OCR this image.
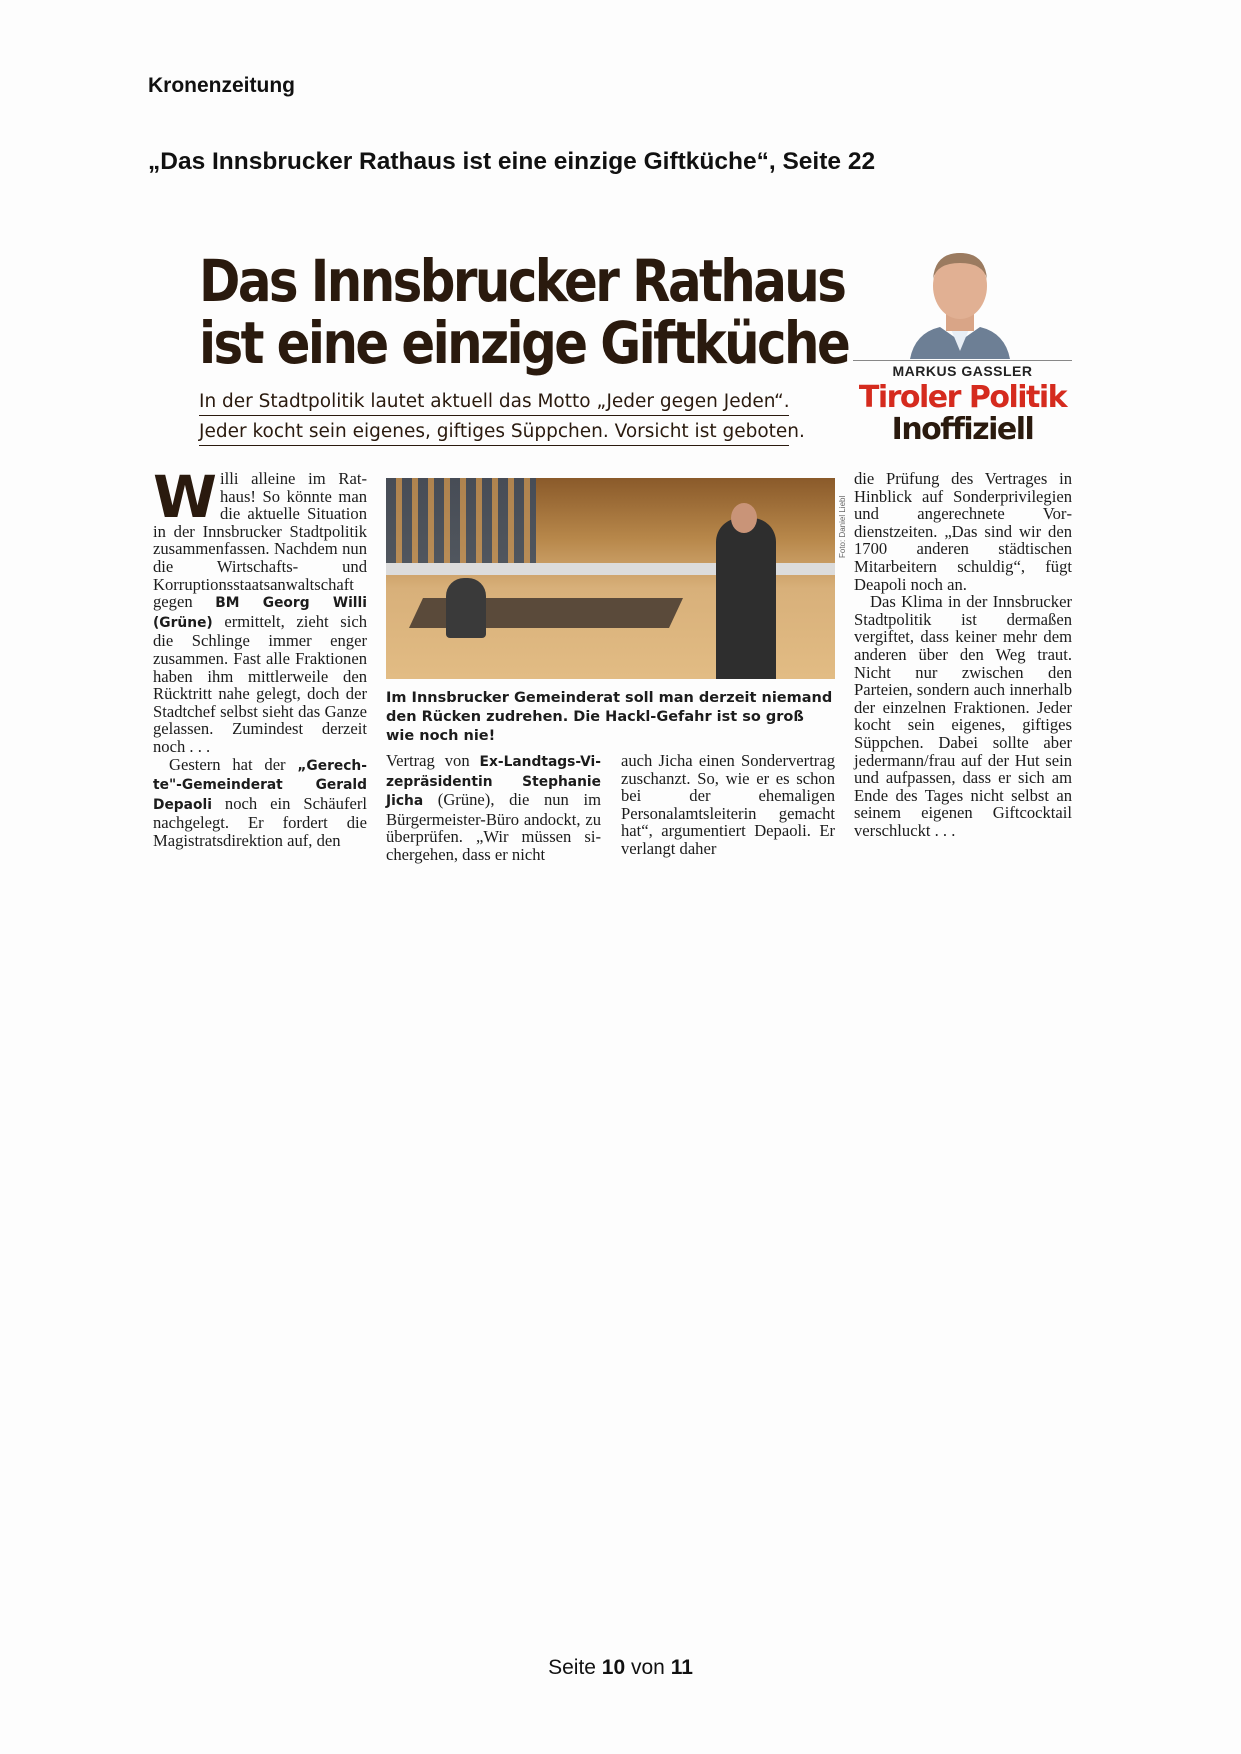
Kronenzeitung
„Das Innsbrucker Rathaus ist eine einzige Giftküche“, Seite 22
Das Innsbrucker Rathaus
ist eine einzige Giftküche
In der Stadtpolitik lautet aktuell das Motto „Jeder gegen Jeden“.
Jeder kocht sein eigenes, giftiges Süppchen. Vorsicht ist geboten.
MARKUS GASSLER
Tiroler Politik
Inoffiziell

Willi alleine im Rathaus! So könnte man die aktuelle Situation in der Innsbrucker Stadtpolitik zusammenfassen. Nachdem nun die Wirtschafts- und Korruptionsstaatsanwaltschaft gegen BM Georg Willi (Grüne) ermittelt, zieht sich die Schlinge immer enger zusammen. Fast alle Fraktionen haben ihm mittlerweile den Rücktritt nahe gelegt, doch der Stadtchef selbst sieht das Ganze gelassen. Zumindest derzeit noch . . .

Gestern hat der „Gerechte"-Gemeinderat Gerald Depaoli noch ein Schäuferl nachgelegt. Er fordert die Magistratsdirektion auf, den

Foto: Daniel Liebl
Im Innsbrucker Gemeinderat soll man derzeit niemand den Rücken zudrehen. Die Hackl-Gefahr ist so groß wie noch nie!

Vertrag von Ex-Landtags-Vizepräsidentin Stephanie Jicha (Grüne), die nun im Bürgermeister-Büro andockt, zu überprüfen. „Wir müssen sichergehen, dass er nicht

auch Jicha einen Sondervertrag zuschanzt. So, wie er es schon bei der ehemaligen Personalamtsleiterin gemacht hat“, argumentiert Depaoli. Er verlangt daher

die Prüfung des Vertrages in Hinblick auf Sonderprivilegien und angerechnete Vordienstzeiten. „Das sind wir den 1700 anderen städtischen Mitarbeitern schuldig“, fügt Deapoli noch an.

Das Klima in der Innsbrucker Stadtpolitik ist dermaßen vergiftet, dass keiner mehr dem anderen über den Weg traut. Nicht nur zwischen den Parteien, sondern auch innerhalb der einzelnen Fraktionen. Jeder kocht sein eigenes, giftiges Süppchen. Dabei sollte aber jedermann/frau auf der Hut sein und aufpassen, dass er sich am Ende des Tages nicht selbst an seinem eigenen Giftcocktail verschluckt . . .

Seite 10 von 11
